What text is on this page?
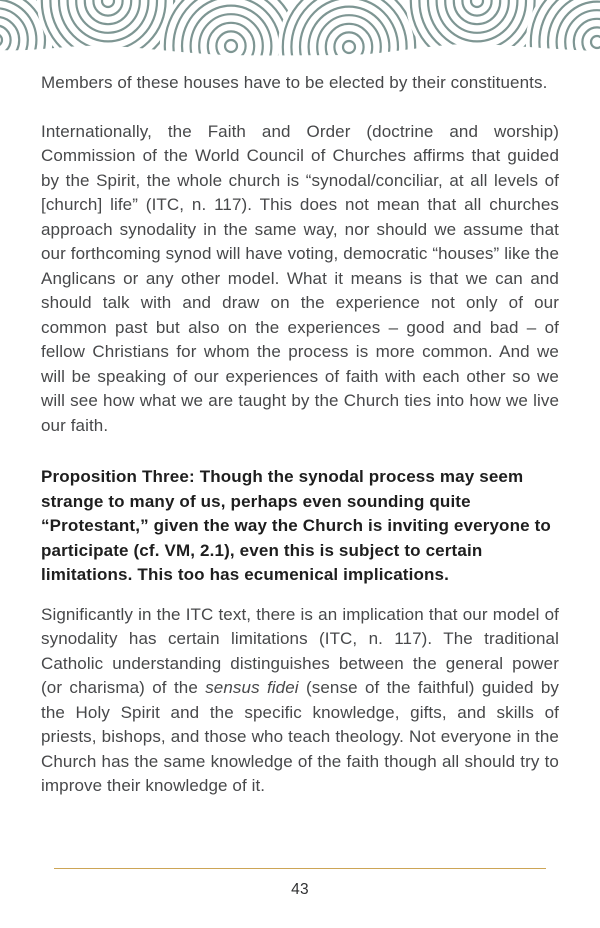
Members of these houses have to be elected by their constituents.

Internationally, the Faith and Order (doctrine and worship) Commission of the World Council of Churches affirms that guided by the Spirit, the whole church is “synodal/conciliar, at all levels of [church] life” (ITC, n. 117). This does not mean that all churches approach synodality in the same way, nor should we assume that our forthcoming synod will have voting, democratic “houses” like the Anglicans or any other model. What it means is that we can and should talk with and draw on the experience not only of our common past but also on the experiences – good and bad – of fellow Christians for whom the process is more common. And we will be speaking of our experiences of faith with each other so we will see how what we are taught by the Church ties into how we live our faith.

Proposition Three: Though the synodal process may seem strange to many of us, perhaps even sounding quite “Protestant,” given the way the Church is inviting everyone to participate (cf. VM, 2.1), even this is subject to certain limitations. This too has ecumenical implications.

Significantly in the ITC text, there is an implication that our model of synodality has certain limitations (ITC, n. 117). The traditional Catholic understanding distinguishes between the general power (or charisma) of the sensus fidei (sense of the faithful) guided by the Holy Spirit and the specific knowledge, gifts, and skills of priests, bishops, and those who teach theology. Not everyone in the Church has the same knowledge of the faith though all should try to improve their knowledge of it.

43
